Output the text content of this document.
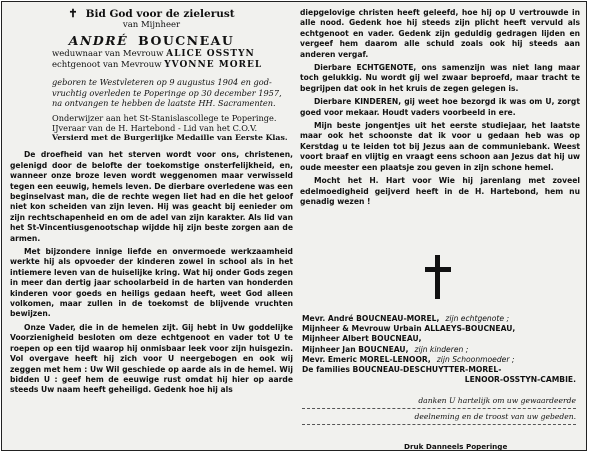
✝ Bid God voor de zielerust
van Mijnheer
ANDRÉ BOUCNEAU
weduwnaar van Mevrouw ALICE OSSTYN
echtgenoot van Mevrouw YVONNE MOREL
geboren te Westvleteren op 9 augustus 1904 en god-
vruchtig overleden te Poperinge op 30 december 1957,
na ontvangen te hebben de laatste HH. Sacramenten.
Onderwijzer aan het St-Stanislascollege te Poperinge.
IJveraar van de H. Hartebond - Lid van het C.O.V.
Versierd met de Burgerlijke Medaille van Eerste Klas.

De droefheid van het sterven wordt voor ons, christenen, gelenigd door de belofte der toekomstige onsterfelijkheid, en, wanneer onze broze leven wordt weggenomen maar verwisseld tegen een eeuwig, hemels leven. De dierbare overledene was een beginselvast man, die de rechte wegen liet had en die het geloof niet kon scheiden van zijn leven. Hij was geacht bij eenieder om zijn rechtschapenheid en om de adel van zijn karakter. Als lid van het St-Vincentiusgenootschap wijdde hij zijn beste zorgen aan de armen.

Met bijzondere innige liefde en onvermoede werkzaamheid werkte hij als opvoeder der kinderen zowel in school als in het intiemere leven van de huiselijke kring. Wat hij onder Gods zegen in meer dan dertig jaar schoolarbeid in de harten van honderden kinderen voor goeds en heiligs gedaan heeft, weet God alleen volkomen, maar zullen in de toekomst de blijvende vruchten bewijzen.

Onze Vader, die in de hemelen zijt. Gij hebt in Uw goddelijke Voorzienigheid besloten om deze echtgenoot en vader tot U te roepen op een tijd waarop hij onmisbaar leek voor zijn huisgezin. Vol overgave heeft hij zich voor U neergebogen en ook wij zeggen met hem : Uw Wil geschiede op aarde als in de hemel. Wij bidden U : geef hem de eeuwige rust omdat hij hier op aarde steeds Uw naam heeft geheiligd. Gedenk hoe hij als

diepgelovige christen heeft geleefd, hoe hij op U vertrouwde in alle nood. Gedenk hoe hij steeds zijn plicht heeft vervuld als echtgenoot en vader. Gedenk zijn geduldig gedragen lijden en vergeef hem daarom alle schuld zoals ook hij steeds aan anderen vergaf.

Dierbare ECHTGENOTE, ons samenzijn was niet lang maar toch gelukkig. Nu wordt gij wel zwaar beproefd, maar tracht te begrijpen dat ook in het kruis de zegen gelegen is.

Dierbare KINDEREN, gij weet hoe bezorgd ik was om U, zorgt goed voor mekaar. Houdt vaders voorbeeld in ere.

Mijn beste jongentjes uit het eerste studiejaar, het laatste maar ook het schoonste dat ik voor u gedaan heb was op Kerstdag u te leiden tot bij Jezus aan de communiebank. Weest voort braaf en vlijtig en vraagt eens schoon aan Jezus dat hij uw oude meester een plaatsje zou geven in zijn schone hemel.

Mocht het H. Hart voor Wie hij jarenlang met zoveel edelmoedigheid geijverd heeft in de H. Hartebond, hem nu genadig wezen !

Mevr. André BOUCNEAU-MOREL, zijn echtgenote ;
Mijnheer & Mevrouw Urbain ALLAEYS-BOUCNEAU,
Mijnheer Albert BOUCNEAU,
Mijnheer Jan BOUCNEAU, zijn kinderen ;
Mevr. Emeric MOREL-LENOOR, zijn Schoonmoeder ;
De families BOUCNEAU-DESCHUYTTER-MOREL-
LENOOR-OSSTYN-CAMBIE.
danken U hartelijk om uw gewaardeerde
deelneming en de troost van uw gebeden.
Druk Danneels Poperinge
